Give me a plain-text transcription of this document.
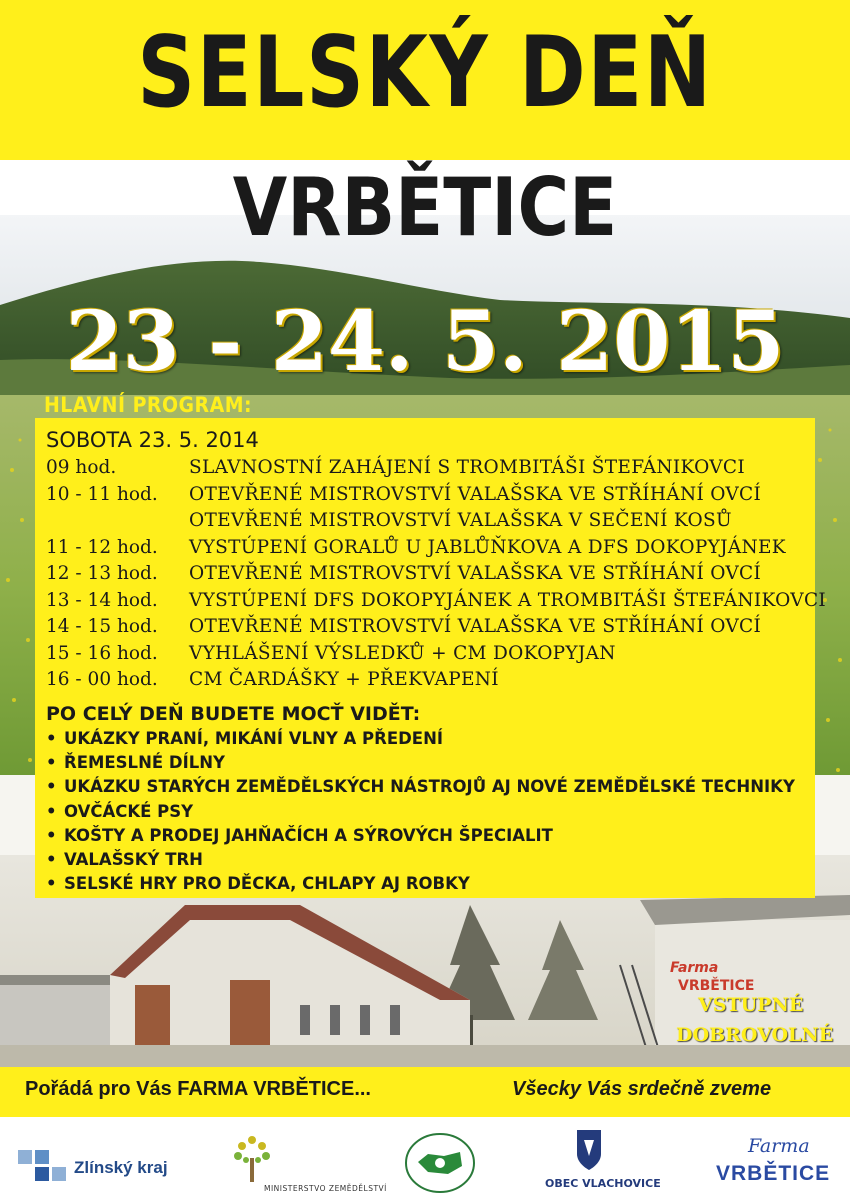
SELSKÝ DEŇ
VRBĚTICE
23 - 24. 5. 2015
HLAVNÍ PROGRAM:
SOBOTA 23. 5. 2014
09 hod.	SLAVNOSTNÍ ZAHÁJENÍ S TROMBITÁŠI ŠTEFÁNIKOVCI
10 - 11 hod. OTEVŘENÉ MISTROVSTVÍ VALAŠSKA VE STŘÍHÁNÍ OVCÍ
OTEVŘENÉ MISTROVSTVÍ VALAŠSKA V SEČENÍ KOSŮ
11 - 12 hod. VYSTÚPENÍ GORALŮ U JABLŮŇKOVA A DFS DOKOPYJÁNEK
12 - 13 hod. OTEVŘENÉ MISTROVSTVÍ VALAŠSKA VE STŘÍHÁNÍ OVCÍ
13 - 14 hod. VYSTÚPENÍ DFS DOKOPYJÁNEK A TROMBITÁŠI ŠTEFÁNIKOVCI
14 - 15 hod. OTEVŘENÉ MISTROVSTVÍ VALAŠSKA VE STŘÍHÁNÍ OVCÍ
15 - 16 hod. VYHLÁŠENÍ VÝSLEDKŮ + CM DOKOPYJAN
16 - 00 hod. CM ČARDÁŠKY + PŘEKVAPENÍ
PO CELÝ DEŇ BUDETE MOCŤ VIDĚT:
• UKÁZKY PRANÍ, MIKÁNÍ VLNY A PŘEDENÍ
• ŘEMESLNÉ DÍLNY
• UKÁZKU STARÝCH ZEMĚDĚLSKÝCH NÁSTROJŮ AJ NOVÉ ZEMĚDĚLSKÉ TECHNIKY
• OVČÁCKÉ PSY
• KOŠTY A PRODEJ JAHŇAČÍCH A SÝROVÝCH ŠPECIALIT
• VALAŠSKÝ TRH
• SELSKÉ HRY PRO DĚCKA, CHLAPY AJ ROBKY
Farma
VRBĚTICE
VSTUPNÉ
DOBROVOLNÉ
Pořádá pro Vás FARMA VRBĚTICE...	Všecky Vás srdečně zveme
Zlínský kraj
MINISTERSTVO ZEMĚDĚLSTVÍ	OBEC VLACHOVICE
Farma
VRBĚTICE
